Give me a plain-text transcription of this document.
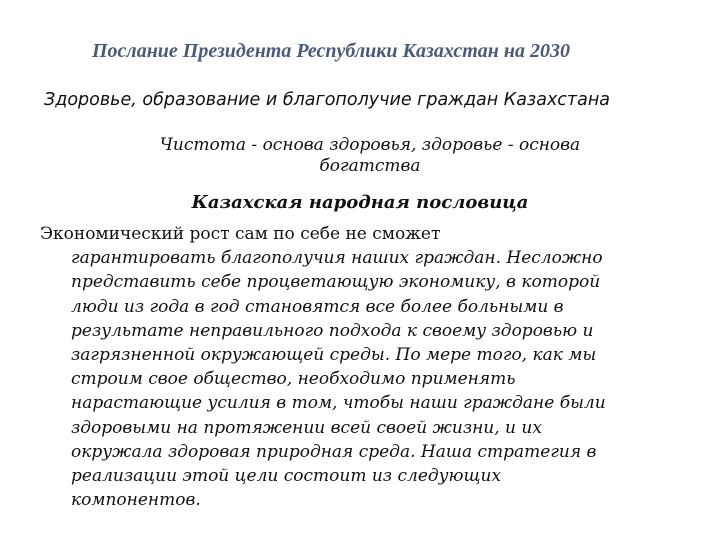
Послание Президента Республики Казахстан на 2030
Здоровье, образование и благополучие граждан Казахстана
Чистота - основа здоровья, здоровье - основа
богатства
Казахская народная пословица
Экономический рост сам по себе не сможет
гарантировать благополучия наших граждан. Несложно
представить себе процветающую экономику, в которой
люди из года в год становятся все более больными в
результате неправильного подхода к своему здоровью и
загрязненной окружающей среды. По мере того, как мы
строим свое общество, необходимо применять
нарастающие усилия в том, чтобы наши граждане были
здоровыми на протяжении всей своей жизни, и их
окружала здоровая природная среда. Наша стратегия в
реализации этой цели состоит из следующих
компонентов.
